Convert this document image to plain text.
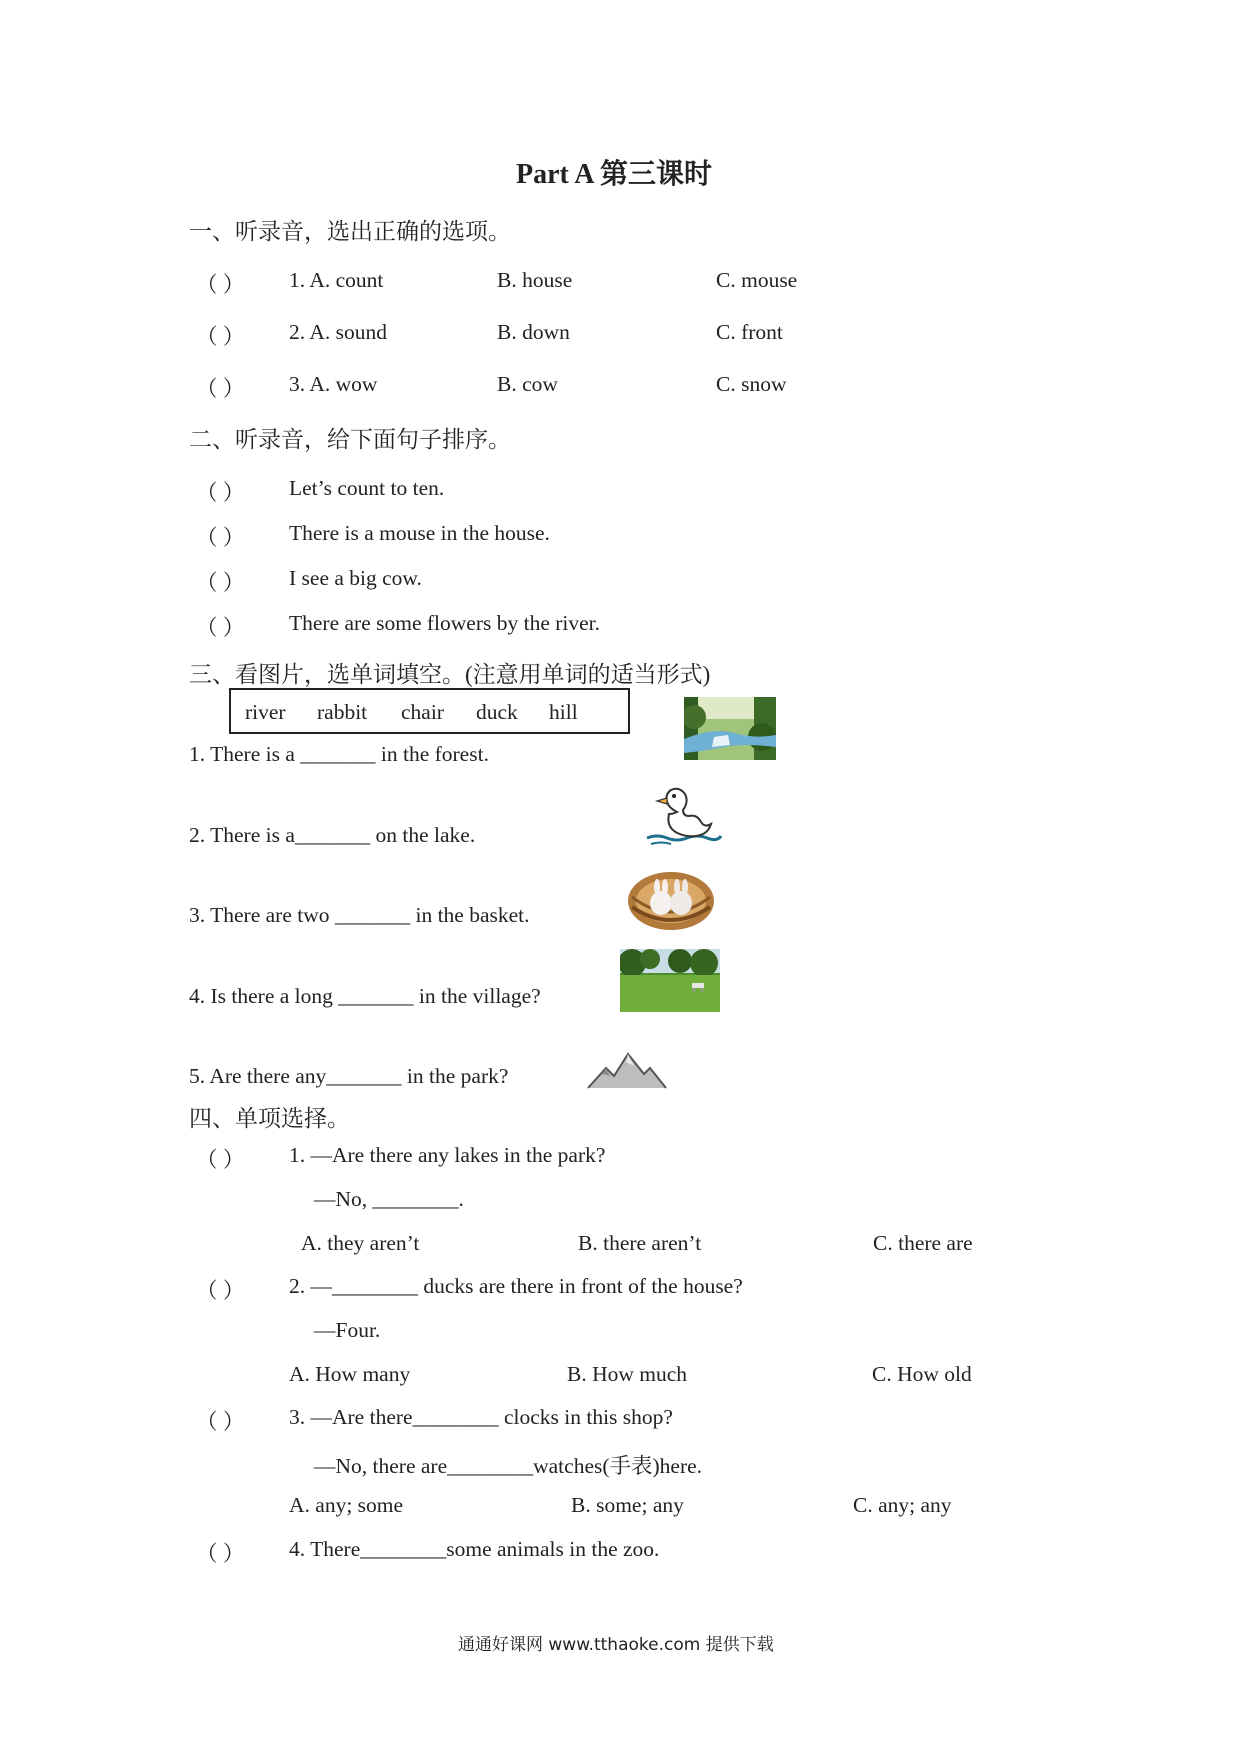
Part A 第三课时
一、听录音，选出正确的选项。
（ ） 1. A. count	B. house	C. mouse
（ ） 2. A. sound	B. down	C. front
（ ） 3. A. wow	B. cow	C. snow
二、听录音，给下面句子排序。
（ ） Let’s count to ten.
（ ） There is a mouse in the house.
（ ） I see a big cow.
（ ） There are some flowers by the river.
三、看图片，选单词填空。(注意用单词的适当形式)
river rabbit chair duck hill
1. There is a _______ in the forest.
2. There is a_______ on the lake.
3. There are two _______ in the basket.
4. Is there a long _______ in the village?
5. Are there any_______ in the park?
四、单项选择。
（ ） 1. —Are there any lakes in the park?
—No, ________.
A. they aren’t	B. there aren’t	C. there are
（ ） 2. —________ ducks are there in front of the house?
—Four.
A. How many	B. How much	C. How old
（ ） 3. —Are there________ clocks in this shop?
—No, there are________watches(手表)here.
A. any; some	B. some; any	C. any; any
（ ） 4. There________some animals in the zoo.
通通好课网 www.tthaoke.com 提供下载
